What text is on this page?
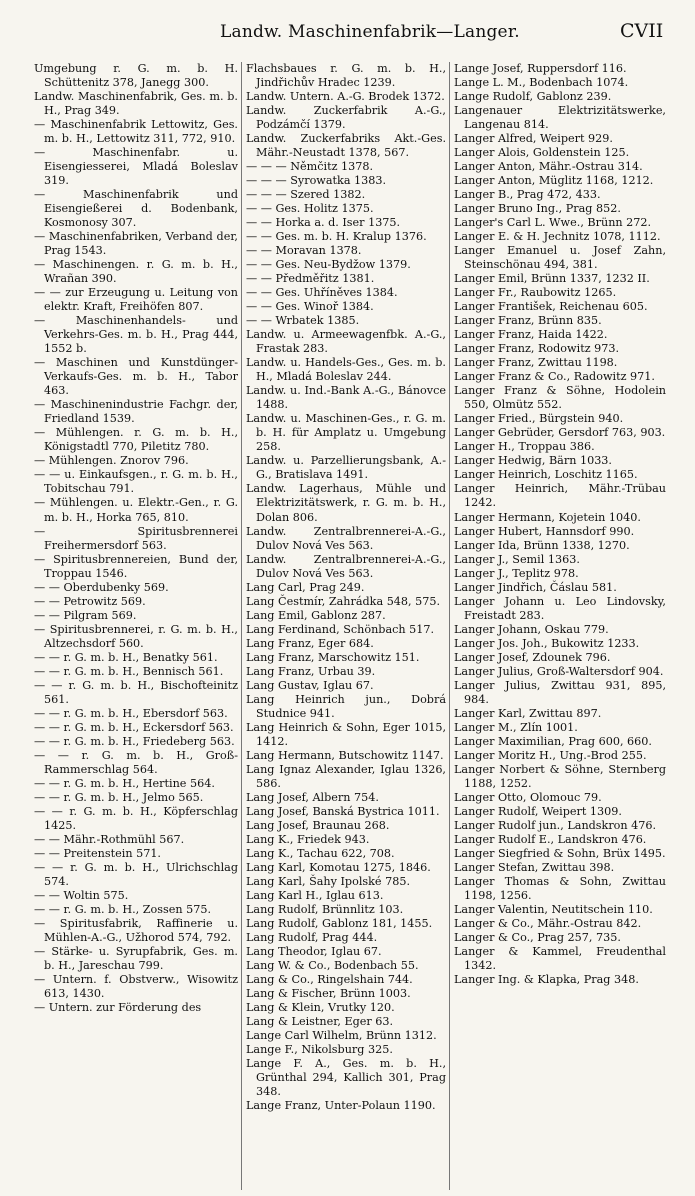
Landw. Maschinenfabrik—Langer.	CVII
Umgebung r. G. m. b. H. Schüttenitz 378, Janegg 300.
Landw. Maschinenfabrik, Ges. m. b. H., Prag 349.
— Maschinenfabrik Lettowitz, Ges. m. b. H., Lettowitz 311, 772, 910.
— Maschinenfabr. u. Eisengiesserei, Mladá Boleslav 319.
— Maschinenfabrik und Eisengießerei d. Bodenbank, Kosmonosy 307.
— Maschinenfabriken, Verband der, Prag 1543.
— Maschinengen. r. G. m. b. H., Wrañan 390.
— — zur Erzeugung u. Leitung von elektr. Kraft, Freihöfen 807.
— Maschinenhandels- und Verkehrs-Ges. m. b. H., Prag 444, 1552 b.
— Maschinen und Kunstdünger-Verkaufs-Ges. m. b. H., Tabor 463.
— Maschinenindustrie Fachgr. der, Friedland 1539.
— Mühlengen. r. G. m. b. H., Königstadtl 770, Piletitz 780.
— Mühlengen. Znorov 796.
— — u. Einkaufsgen., r. G. m. b. H., Tobitschau 791.
— Mühlengen. u. Elektr.-Gen., r. G. m. b. H., Horka 765, 810.
— Spiritusbrennerei Freihermersdorf 563.
— Spiritusbrennereien, Bund der, Troppau 1546.
— — Oberdubenky 569.
— — Petrowitz 569.
— — Pilgram 569.
— Spiritusbrennerei, r. G. m. b. H., Altzechsdorf 560.
— — r. G. m. b. H., Benatky 561.
— — r. G. m. b. H., Bennisch 561.
— — r. G. m. b. H., Bischofteinitz 561.
— — r. G. m. b. H., Ebersdorf 563.
— — r. G. m. b. H., Eckersdorf 563.
— — r. G. m. b. H., Friedeberg 563.
— — r. G. m. b. H., Groß-Rammerschlag 564.
— — r. G. m. b. H., Hertine 564.
— — r. G. m. b. H., Jelmo 565.
— — r. G. m. b. H., Köpferschlag 1425.
— — Mähr.-Rothmühl 567.
— — Preitenstein 571.
— — r. G. m. b. H., Ulrichschlag 574.
— — Woltin 575.
— — r. G. m. b. H., Zossen 575.
— Spiritusfabrik, Raffinerie u. Mühlen-A.-G., Užhorod 574, 792.
— Stärke- u. Syrupfabrik, Ges. m. b. H., Jareschau 799.
— Untern. f. Obstverw., Wisowitz 613, 1430.
— Untern. zur Förderung des
Flachsbaues r. G. m. b. H., Jindřichův Hradec 1239.
Landw. Untern. A.-G. Brodek 1372.
Landw. Zuckerfabrik A.-G., Podzámčí 1379.
Landw. Zuckerfabriks Akt.-Ges. Mähr.-Neustadt 1378, 567.
— — — Němčitz 1378.
— — — Syrowatka 1383.
— — — Szered 1382.
— — Ges. Holitz 1375.
— — Horka a. d. Iser 1375.
— — Ges. m. b. H. Kralup 1376.
— — Moravan 1378.
— — Ges. Neu-Bydžow 1379.
— — Předměřitz 1381.
— — Ges. Uhříněves 1384.
— — Ges. Winoř 1384.
— — Wrbatek 1385.
Landw. u. Armeewagenfbk. A.-G., Frastak 283.
Landw. u. Handels-Ges., Ges. m. b. H., Mladá Boleslav 244.
Landw. u. Ind.-Bank A.-G., Bánovce 1488.
Landw. u. Maschinen-Ges., r. G. m. b. H. für Amplatz u. Umgebung 258.
Landw. u. Parzellierungsbank, A.-G., Bratislava 1491.
Landw. Lagerhaus, Mühle und Elektrizitätswerk, r. G. m. b. H., Dolan 806.
Landw. Zentralbrennerei-A.-G., Dulov Nová Ves 563.
Landw. Zentralbrennerei-A.-G., Dulov Nová Ves 563.
Lang Carl, Prag 249.
Lang Čestmír, Zahrádka 548, 575.
Lang Emil, Gablonz 287.
Lang Ferdinand, Schönbach 517.
Lang Franz, Eger 684.
Lang Franz, Marschowitz 151.
Lang Franz, Urbau 39.
Lang Gustav, Iglau 67.
Lang Heinrich jun., Dobrá Studnice 941.
Lang Heinrich & Sohn, Eger 1015, 1412.
Lang Hermann, Butschowitz 1147.
Lang Ignaz Alexander, Iglau 1326, 586.
Lang Josef, Albern 754.
Lang Josef, Banská Bystrica 1011.
Lang Josef, Braunau 268.
Lang K., Friedek 943.
Lang K., Tachau 622, 708.
Lang Karl, Komotau 1275, 1846.
Lang Karl, Šahy Ipolské 785.
Lang Karl H., Iglau 613.
Lang Rudolf, Brünnlitz 103.
Lang Rudolf, Gablonz 181, 1455.
Lang Rudolf, Prag 444.
Lang Theodor, Iglau 67.
Lang W. & Co., Bodenbach 55.
Lang & Co., Ringelshain 744.
Lang & Fischer, Brünn 1003.
Lang & Klein, Vrutky 120.
Lang & Leistner, Eger 63.
Lange Carl Wilhelm, Brünn 1312.
Lange F., Nikolsburg 325.
Lange F. A., Ges. m. b. H., Grünthal 294, Kallich 301, Prag 348.
Lange Franz, Unter-Polaun 1190.
Lange Josef, Ruppersdorf 116.
Lange L. M., Bodenbach 1074.
Lange Rudolf, Gablonz 239.
Langenauer Elektrizitätswerke, Langenau 814.
Langer Alfred, Weipert 929.
Langer Alois, Goldenstein 125.
Langer Anton, Mähr.-Ostrau 314.
Langer Anton, Müglitz 1168, 1212.
Langer B., Prag 472, 433.
Langer Bruno Ing., Prag 852.
Langer's Carl L. Wwe., Brünn 272.
Langer E. & H. Jechnitz 1078, 1112.
Langer Emanuel u. Josef Zahn, Steinschönau 494, 381.
Langer Emil, Brünn 1337, 1232 II.
Langer Fr., Raubowitz 1265.
Langer František, Reichenau 605.
Langer Franz, Brünn 835.
Langer Franz, Haida 1422.
Langer Franz, Rodowitz 973.
Langer Franz, Zwittau 1198.
Langer Franz & Co., Radowitz 971.
Langer Franz & Söhne, Hodolein 550, Olmütz 552.
Langer Fried., Bürgstein 940.
Langer Gebrüder, Gersdorf 763, 903.
Langer H., Troppau 386.
Langer Hedwig, Bärn 1033.
Langer Heinrich, Loschitz 1165.
Langer Heinrich, Mähr.-Trübau 1242.
Langer Hermann, Kojetein 1040.
Langer Hubert, Hannsdorf 990.
Langer Ida, Brünn 1338, 1270.
Langer J., Semil 1363.
Langer J., Teplitz 978.
Langer Jindřich, Čáslau 581.
Langer Johann u. Leo Lindovsky, Freistadt 283.
Langer Johann, Oskau 779.
Langer Jos. Joh., Bukowitz 1233.
Langer Josef, Zdounek 796.
Langer Julius, Groß-Waltersdorf 904.
Langer Julius, Zwittau 931, 895, 984.
Langer Karl, Zwittau 897.
Langer M., Zlín 1001.
Langer Maximilian, Prag 600, 660.
Langer Moritz H., Ung.-Brod 255.
Langer Norbert & Söhne, Sternberg 1188, 1252.
Langer Otto, Olomouc 79.
Langer Rudolf, Weipert 1309.
Langer Rudolf jun., Landskron 476.
Langer Rudolf E., Landskron 476.
Langer Siegfried & Sohn, Brüx 1495.
Langer Stefan, Zwittau 398.
Langer Thomas & Sohn, Zwittau 1198, 1256.
Langer Valentin, Neutitschein 110.
Langer & Co., Mähr.-Ostrau 842.
Langer & Co., Prag 257, 735.
Langer & Kammel, Freudenthal 1342.
Langer Ing. & Klapka, Prag 348.
